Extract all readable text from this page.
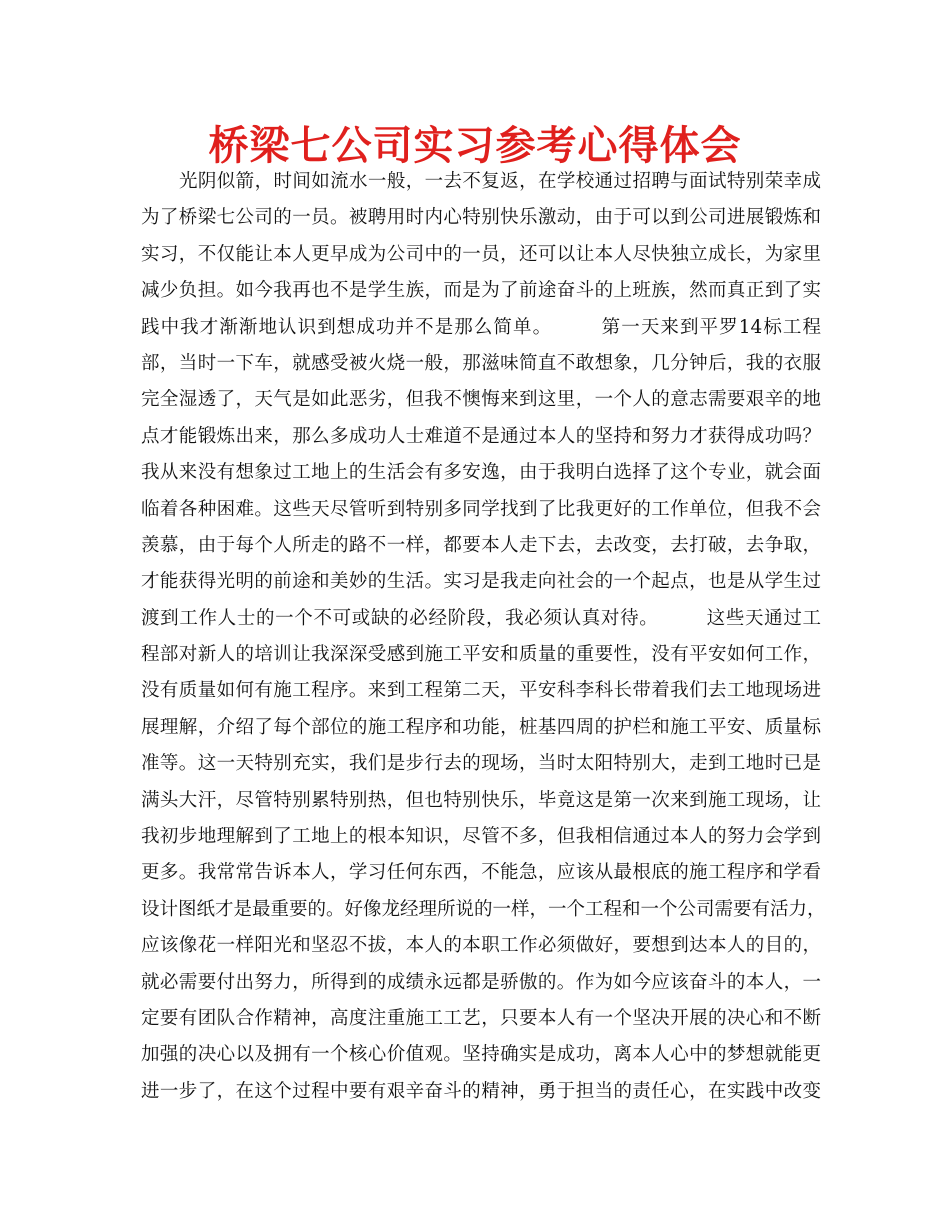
桥梁七公司实习参考心得体会
光阴似箭，时间如流水一般，一去不复返，在学校通过招聘与面试特别荣幸成
为了桥梁七公司的一员。被聘用时内心特别快乐激动，由于可以到公司进展锻炼和
实习，不仅能让本人更早成为公司中的一员，还可以让本人尽快独立成长，为家里
减少负担。如今我再也不是学生族，而是为了前途奋斗的上班族，然而真正到了实
践中我才渐渐地认识到想成功并不是那么简单。　　　第一天来到平罗14标工程
部，当时一下车，就感受被火烧一般，那滋味简直不敢想象，几分钟后，我的衣服
完全湿透了，天气是如此恶劣，但我不懊悔来到这里，一个人的意志需要艰辛的地
点才能锻炼出来，那么多成功人士难道不是通过本人的坚持和努力才获得成功吗？
我从来没有想象过工地上的生活会有多安逸，由于我明白选择了这个专业，就会面
临着各种困难。这些天尽管听到特别多同学找到了比我更好的工作单位，但我不会
羡慕，由于每个人所走的路不一样，都要本人走下去，去改变，去打破，去争取，
才能获得光明的前途和美妙的生活。实习是我走向社会的一个起点，也是从学生过
渡到工作人士的一个不可或缺的必经阶段，我必须认真对待。　　　这些天通过工
程部对新人的培训让我深深受感到施工平安和质量的重要性，没有平安如何工作，
没有质量如何有施工程序。来到工程第二天，平安科李科长带着我们去工地现场进
展理解，介绍了每个部位的施工程序和功能，桩基四周的护栏和施工平安、质量标
准等。这一天特别充实，我们是步行去的现场，当时太阳特别大，走到工地时已是
满头大汗，尽管特别累特别热，但也特别快乐，毕竟这是第一次来到施工现场，让
我初步地理解到了工地上的根本知识，尽管不多，但我相信通过本人的努力会学到
更多。我常常告诉本人，学习任何东西，不能急，应该从最根底的施工程序和学看
设计图纸才是最重要的。好像龙经理所说的一样，一个工程和一个公司需要有活力，
应该像花一样阳光和坚忍不拔，本人的本职工作必须做好，要想到达本人的目的，
就必需要付出努力，所得到的成绩永远都是骄傲的。作为如今应该奋斗的本人，一
定要有团队合作精神，高度注重施工工艺，只要本人有一个坚决开展的决心和不断
加强的决心以及拥有一个核心价值观。坚持确实是成功，离本人心中的梦想就能更
进一步了，在这个过程中要有艰辛奋斗的精神，勇于担当的责任心，在实践中改变
